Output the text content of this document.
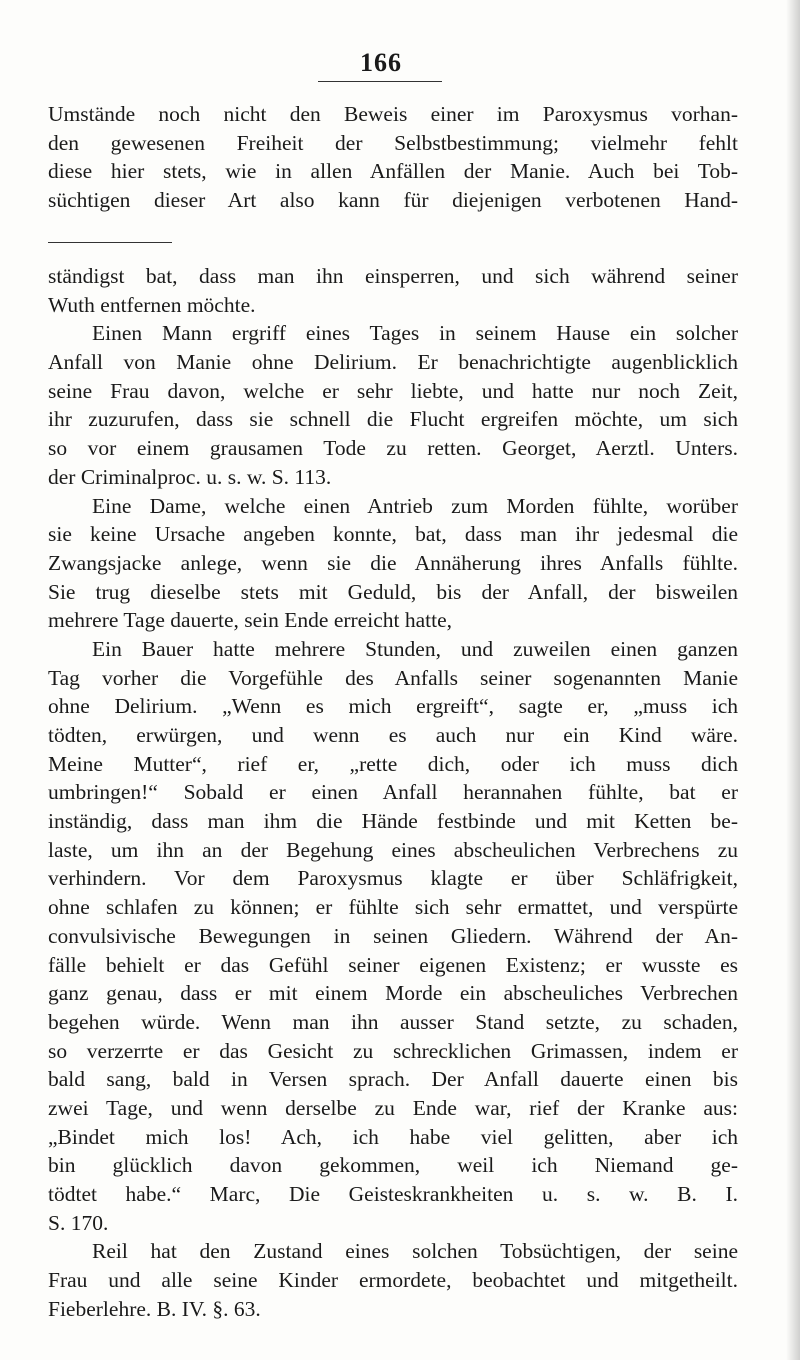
166
Umstände noch nicht den Beweis einer im Paroxysmus vorhan-
den gewesenen Freiheit der Selbstbestimmung; vielmehr fehlt
diese hier stets, wie in allen Anfällen der Manie. Auch bei Tob-
süchtigen dieser Art also kann für diejenigen verbotenen Hand-
ständigst bat, dass man ihn einsperren, und sich während seiner
Wuth entfernen möchte.
Einen Mann ergriff eines Tages in seinem Hause ein solcher
Anfall von Manie ohne Delirium. Er benachrichtigte augenblicklich
seine Frau davon, welche er sehr liebte, und hatte nur noch Zeit,
ihr zuzurufen, dass sie schnell die Flucht ergreifen möchte, um sich
so vor einem grausamen Tode zu retten. Georget, Aerztl. Unters.
der Criminalproc. u. s. w. S. 113.
Eine Dame, welche einen Antrieb zum Morden fühlte, worüber
sie keine Ursache angeben konnte, bat, dass man ihr jedesmal die
Zwangsjacke anlege, wenn sie die Annäherung ihres Anfalls fühlte.
Sie trug dieselbe stets mit Geduld, bis der Anfall, der bisweilen
mehrere Tage dauerte, sein Ende erreicht hatte,
Ein Bauer hatte mehrere Stunden, und zuweilen einen ganzen
Tag vorher die Vorgefühle des Anfalls seiner sogenannten Manie
ohne Delirium. „Wenn es mich ergreift“, sagte er, „muss ich
tödten, erwürgen, und wenn es auch nur ein Kind wäre.
Meine Mutter“, rief er, „rette dich, oder ich muss dich
umbringen!“ Sobald er einen Anfall herannahen fühlte, bat er
inständig, dass man ihm die Hände festbinde und mit Ketten be-
laste, um ihn an der Begehung eines abscheulichen Verbrechens zu
verhindern. Vor dem Paroxysmus klagte er über Schläfrigkeit,
ohne schlafen zu können; er fühlte sich sehr ermattet, und verspürte
convulsivische Bewegungen in seinen Gliedern. Während der An-
fälle behielt er das Gefühl seiner eigenen Existenz; er wusste es
ganz genau, dass er mit einem Morde ein abscheuliches Verbrechen
begehen würde. Wenn man ihn ausser Stand setzte, zu schaden,
so verzerrte er das Gesicht zu schrecklichen Grimassen, indem er
bald sang, bald in Versen sprach. Der Anfall dauerte einen bis
zwei Tage, und wenn derselbe zu Ende war, rief der Kranke aus:
„Bindet mich los! Ach, ich habe viel gelitten, aber ich
bin glücklich davon gekommen, weil ich Niemand ge-
tödtet habe.“ Marc, Die Geisteskrankheiten u. s. w. B. I.
S. 170.
Reil hat den Zustand eines solchen Tobsüchtigen, der seine
Frau und alle seine Kinder ermordete, beobachtet und mitgetheilt.
Fieberlehre. B. IV. §. 63.
